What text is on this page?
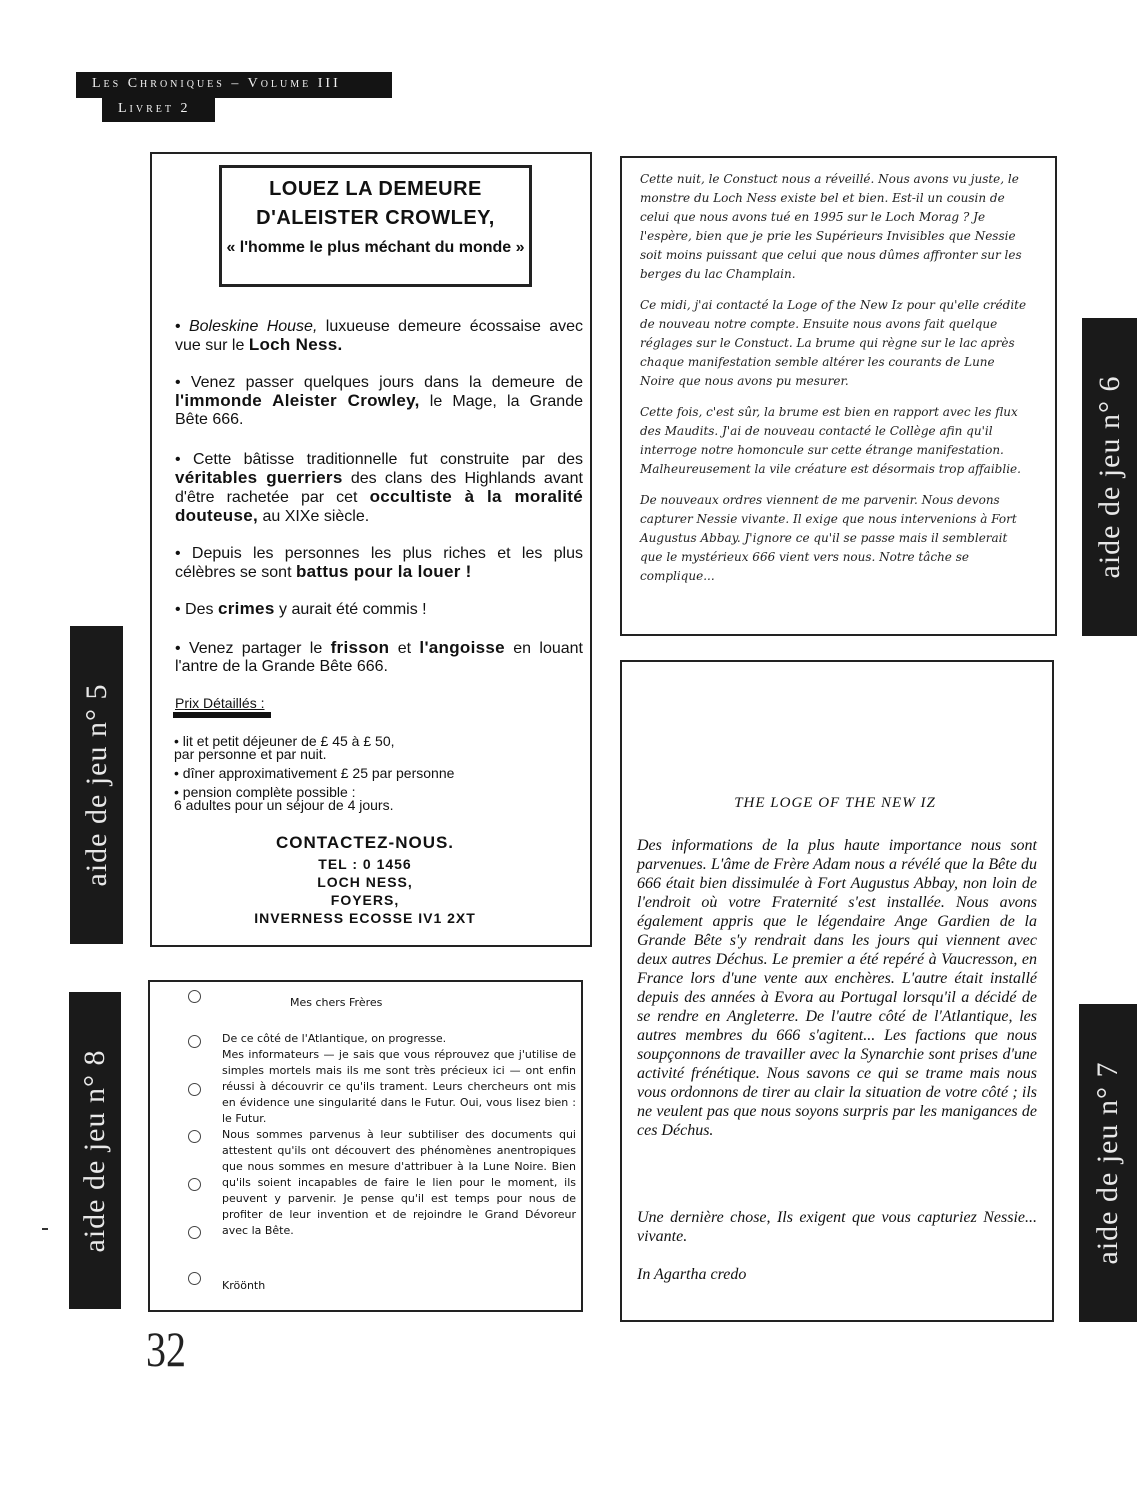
Les Chroniques – Volume III
Livret 2
aide de jeu n° 6
aide de jeu n° 5
aide de jeu n° 8	aide de jeu n° 7
LOUEZ LA DEMEURE
D'ALEISTER CROWLEY,
« l'homme le plus méchant du monde »
• Boleskine House, luxueuse demeure écossaise avec vue sur le Loch Ness.
• Venez passer quelques jours dans la demeure de l'immonde Aleister Crowley, le Mage, la Grande Bête 666.
• Cette bâtisse traditionnelle fut construite par des véritables guerriers des clans des Highlands avant d'être rachetée par cet occultiste à la moralité douteuse, au XIXe siècle.
• Depuis les personnes les plus riches et les plus célèbres se sont battus pour la louer !
• Des crimes y aurait été commis !
• Venez partager le frisson et l'angoisse en louant l'antre de la Grande Bête 666.
Prix Détaillés :
• lit et petit déjeuner de £ 45 à £ 50,
par personne et par nuit.
• dîner approximativement £ 25 par personne
• pension complète possible :
6 adultes pour un séjour de 4 jours.
CONTACTEZ-NOUS.
TEL : 0 1456
LOCH NESS,
FOYERS,
INVERNESS ECOSSE IV1 2XT

Cette nuit, le Constuct nous a réveillé. Nous avons vu juste, le monstre du Loch Ness existe bel et bien. Est-il un cousin de celui que nous avons tué en 1995 sur le Loch Morag ? Je l'espère, bien que je prie les Supérieurs Invisibles que Nessie soit moins puissant que celui que nous dûmes affronter sur les berges du lac Champlain.

Ce midi, j'ai contacté la Loge of the New Iz pour qu'elle crédite de nouveau notre compte. Ensuite nous avons fait quelque réglages sur le Constuct. La brume qui règne sur le lac après chaque manifestation semble altérer les courants de Lune Noire que nous avons pu mesurer.

Cette fois, c'est sûr, la brume est bien en rapport avec les flux des Maudits. J'ai de nouveau contacté le Collège afin qu'il interroge notre homoncule sur cette étrange manifestation. Malheureusement la vile créature est désormais trop affaiblie.

De nouveaux ordres viennent de me parvenir. Nous devons capturer Nessie vivante. Il exige que nous intervenions à Fort Augustus Abbay. J'ignore ce qu'il se passe mais il semblerait que le mystérieux 666 vient vers nous. Notre tâche se complique...

THE LOGE OF THE NEW IZ
Des informations de la plus haute importance nous sont parvenues. L'âme de Frère Adam nous a révélé que la Bête du 666 était bien dissimulée à Fort Augustus Abbay, non loin de l'endroit où votre Fraternité s'est installée. Nous avons également appris que le légendaire Ange Gardien de la Grande Bête s'y rendrait dans les jours qui viennent avec deux autres Déchus. Le premier a été repéré à Vaucresson, en France lors d'une vente aux enchères. L'autre était installé depuis des années à Evora au Portugal lorsqu'il a décidé de se rendre en Angleterre. De l'autre côté de l'Atlantique, les autres membres du 666 s'agitent... Les factions que nous soupçonnons de travailler avec la Synarchie sont prises d'une activité frénétique. Nous savons ce qui se trame mais nous vous ordonnons de tirer au clair la situation de votre côté ; ils ne veulent pas que nous soyons surpris par les manigances de ces Déchus.
Une dernière chose, Ils exigent que vous capturiez Nessie... vivante.
In Agartha credo
Mes chers Frères
De ce côté de l'Atlantique, on progresse.
Mes informateurs — je sais que vous réprouvez que j'utilise de simples mortels mais ils me sont très précieux ici — ont enfin réussi à découvrir ce qu'ils trament. Leurs chercheurs ont mis en évidence une singularité dans le Futur. Oui, vous lisez bien : le Futur.
Nous sommes parvenus à leur subtiliser des documents qui attestent qu'ils ont découvert des phénomènes anentropiques que nous sommes en mesure d'attribuer à la Lune Noire. Bien qu'ils soient incapables de faire le lien pour le moment, ils peuvent y parvenir. Je pense qu'il est temps pour nous de profiter de leur invention et de rejoindre le Grand Dévoreur avec la Bête.
Kröönth
32
